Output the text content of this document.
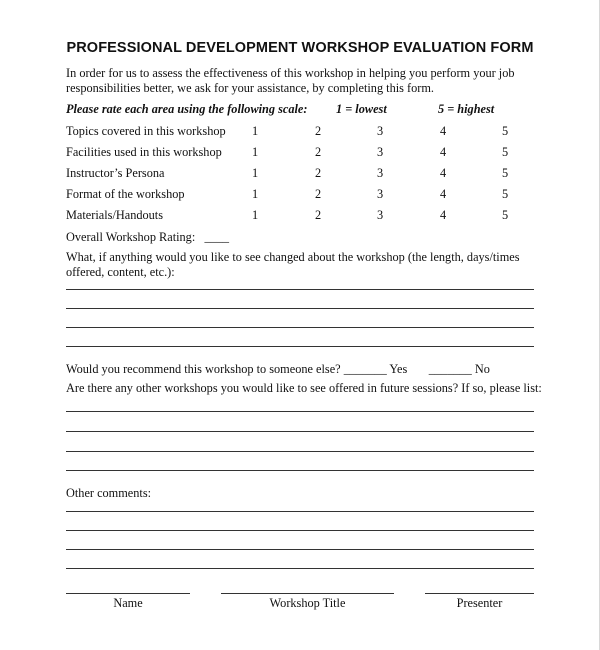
PROFESSIONAL DEVELOPMENT WORKSHOP EVALUATION FORM
In order for us to assess the effectiveness of this workshop in helping you perform your job responsibilities better, we ask for your assistance, by completing this form.
Please rate each area using the following scale: 1 = lowest	5 = highest
Topics covered in this workshop 1	2	3	4	5
Facilities used in this workshop 1	2	3	4	5
Instructor’s Persona	1	2	3	4	5
Format of the workshop	1	2	3	4	5
Materials/Handouts	1	2	3	4	5
Overall Workshop Rating:   ____
What, if anything would you like to see changed about the workshop (the length, days/times offered, content, etc.):
Would you recommend this workshop to someone else? _______ Yes       _______ No
Are there any other workshops you would like to see offered in future sessions? If so, please list:
Other comments:
Name	Workshop Title	Presenter
